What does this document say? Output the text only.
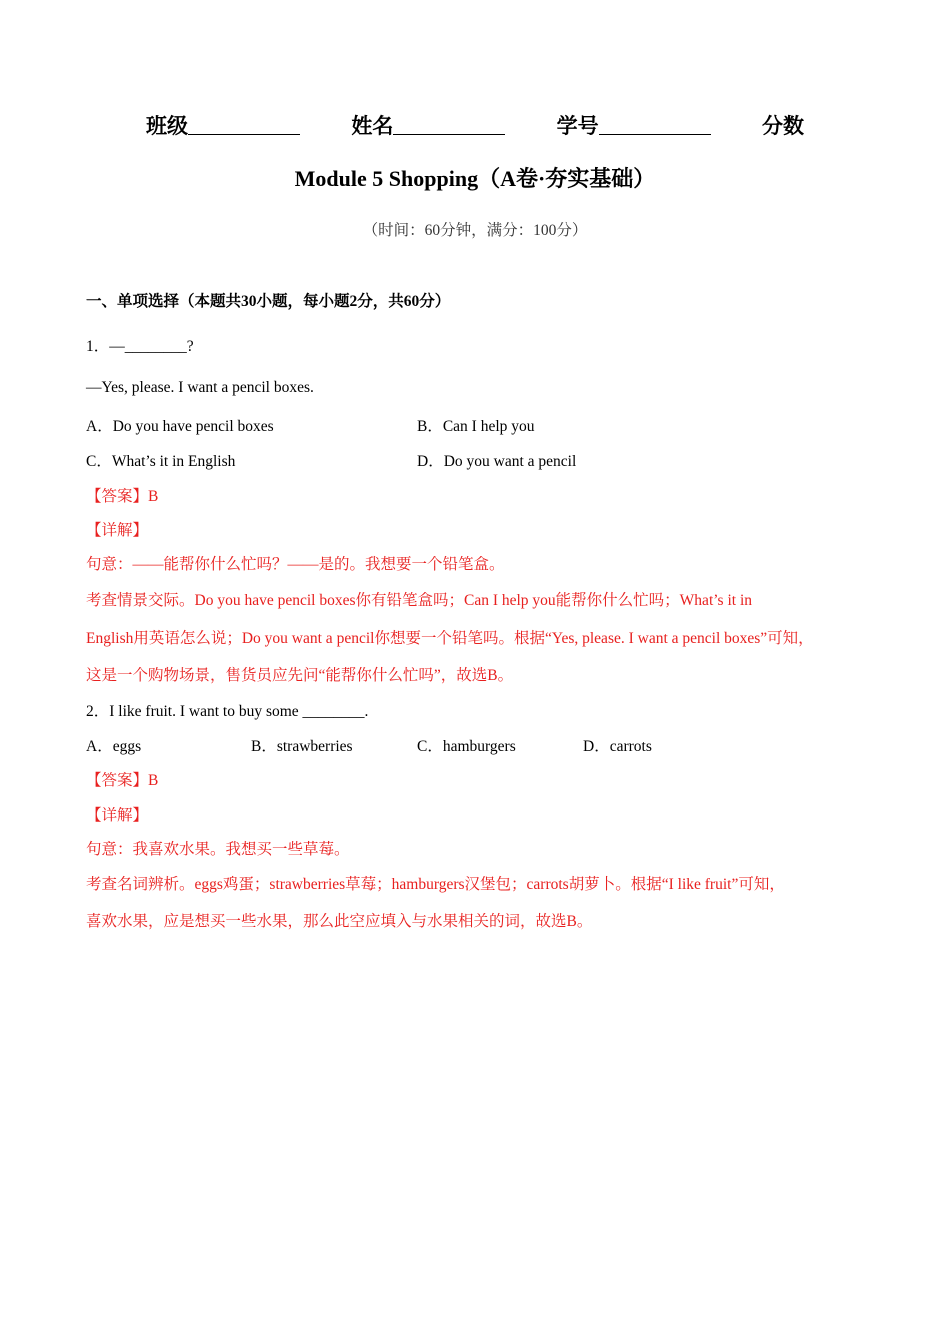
班级	姓名	学号	分数
Module 5 Shopping（A卷·夯实基础）
（时间：60分钟，满分：100分）
一、单项选择（本题共30小题，每小题2分，共60分）
1．—________?
—Yes, please. I want a pencil boxes.
A．Do you have pencil boxes	B．Can I help you
C．What’s it in English	D．Do you want a pencil
【答案】B
【详解】
句意：——能帮你什么忙吗？——是的。我想要一个铅笔盒。
考查情景交际。Do you have pencil boxes你有铅笔盒吗；Can I help you能帮你什么忙吗；What’s it in
English用英语怎么说；Do you want a pencil你想要一个铅笔吗。根据“Yes, please. I want a pencil boxes”可知，
这是一个购物场景，售货员应先问“能帮你什么忙吗”，故选B。
2．I like fruit. I want to buy some ________.
A．eggs	B．strawberries	C．hamburgers	D．carrots
【答案】B
【详解】
句意：我喜欢水果。我想买一些草莓。
考查名词辨析。eggs鸡蛋；strawberries草莓；hamburgers汉堡包；carrots胡萝卜。根据“I like fruit”可知，
喜欢水果，应是想买一些水果，那么此空应填入与水果相关的词，故选B。
